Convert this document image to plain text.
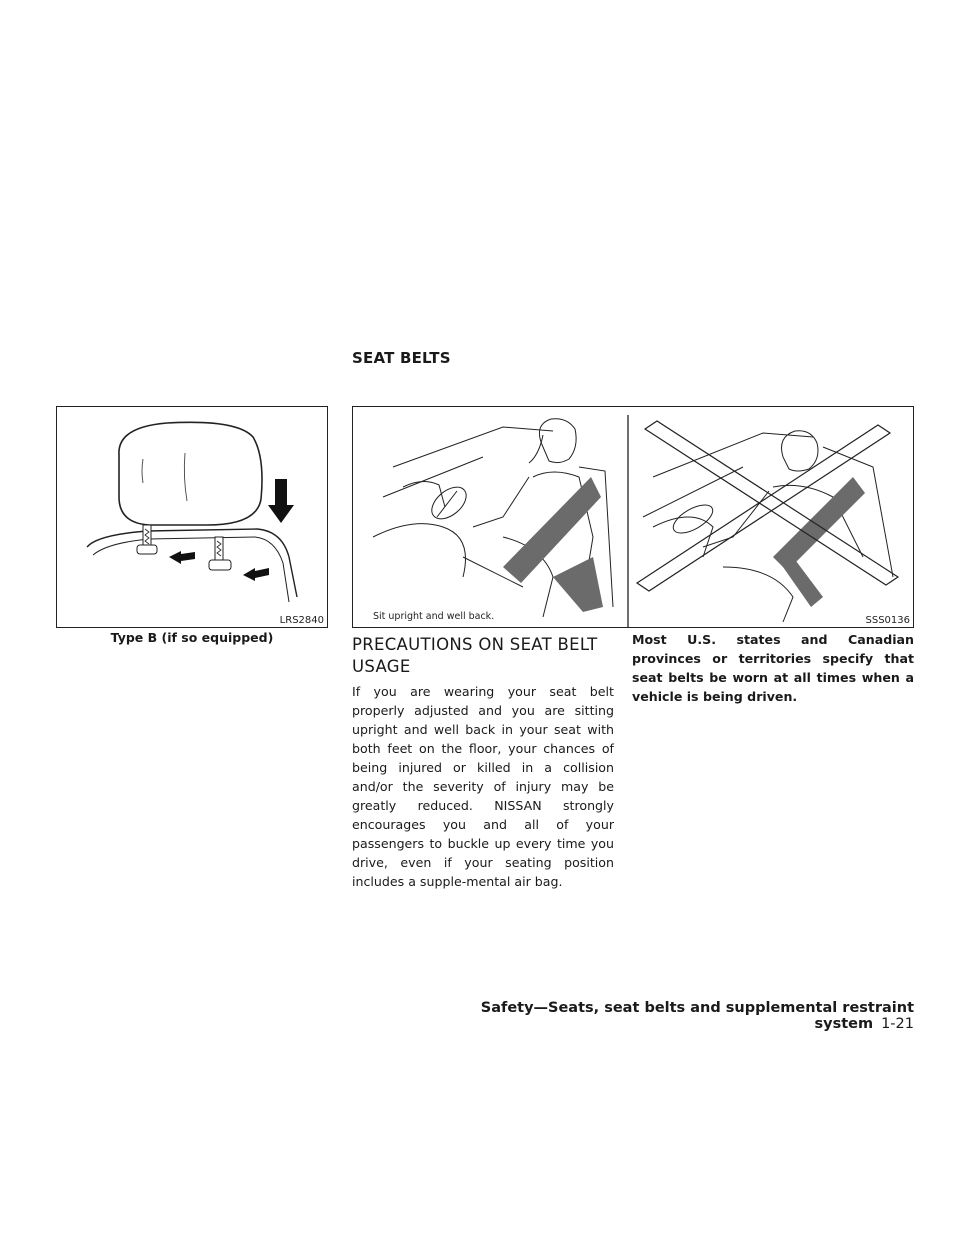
SEAT BELTS
LRS2840
Type B (if so equipped)
Sit upright and well back.	SSS0136
PRECAUTIONS ON SEAT BELT USAGE
If you are wearing your seat belt properly adjusted and you are sitting upright and well back in your seat with both feet on the floor, your chances of being injured or killed in a collision and/or the severity of injury may be greatly reduced. NISSAN strongly encourages you and all of your passengers to buckle up every time you drive, even if your seating position includes a supple-mental air bag.
Most U.S. states and Canadian provinces or territories specify that seat belts be worn at all times when a vehicle is being driven.
Safety—Seats, seat belts and supplemental restraint system 1-21
